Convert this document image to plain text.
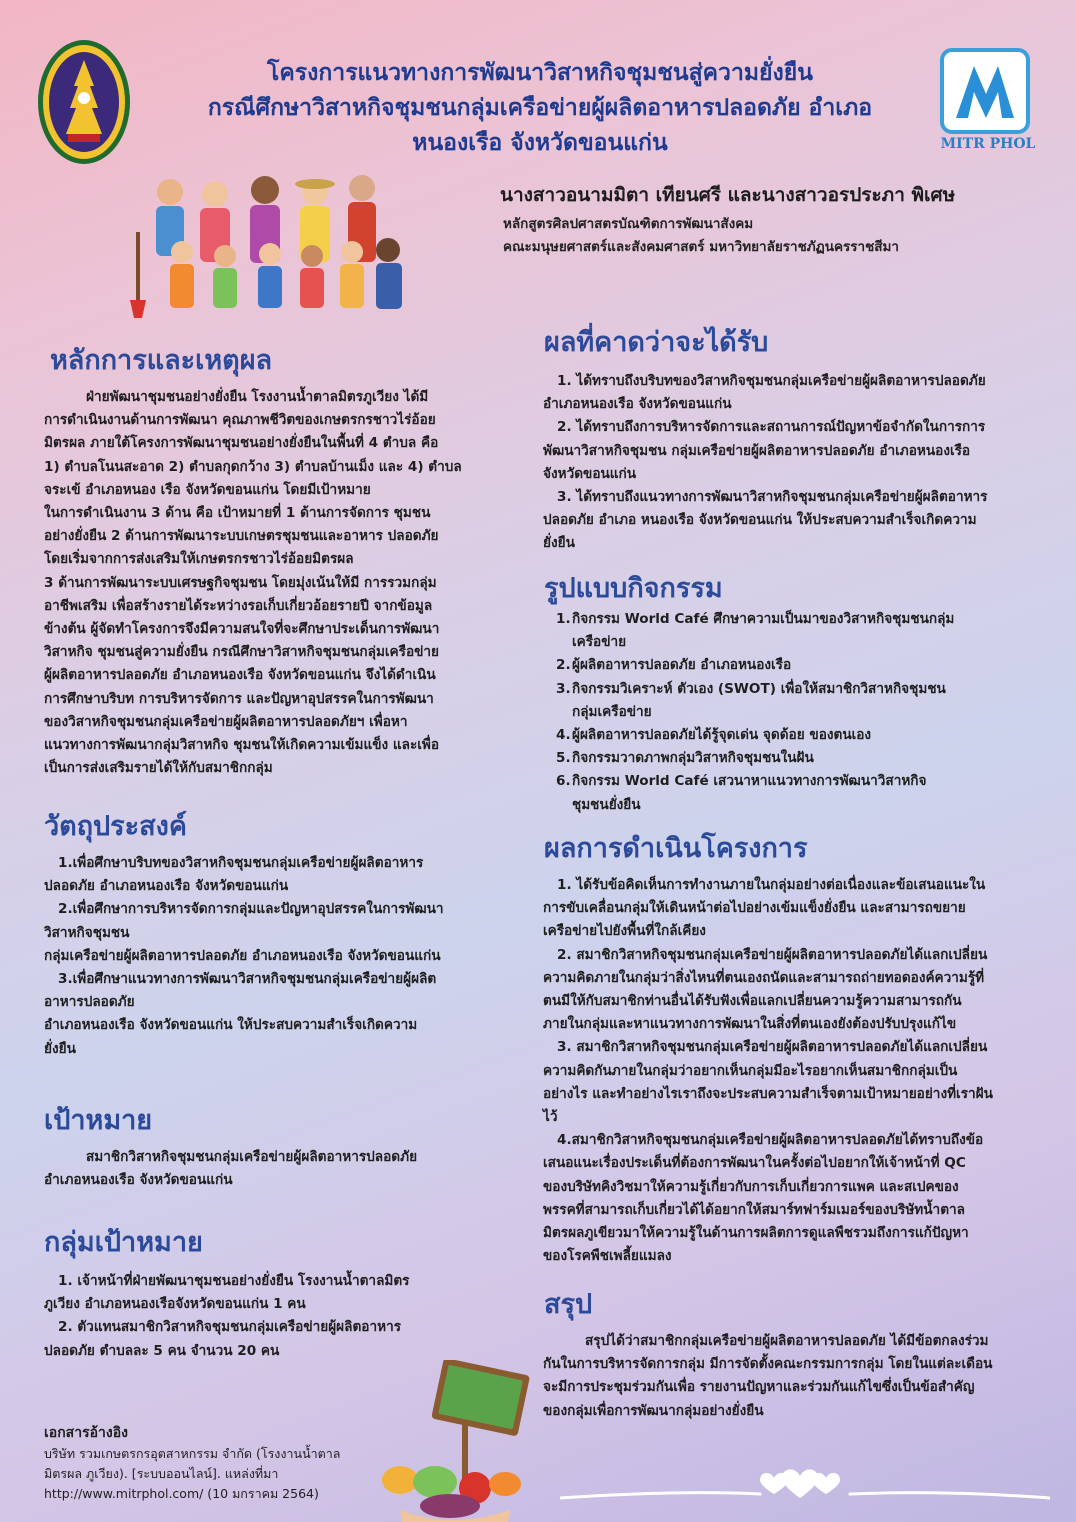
โครงการแนวทางการพัฒนาวิสาหกิจชุมชนสู่ความยั่งยืน
กรณีศึกษาวิสาหกิจชุมชนกลุ่มเครือข่ายผู้ผลิตอาหารปลอดภัย อำเภอ
หนองเรือ จังหวัดขอนแก่น	MITR PHOL
นางสาวอนามมิตา เทียนศรี และนางสาวอรประภา พิเศษ
หลักสูตรศิลปศาสตรบัณฑิตการพัฒนาสังคม
คณะมนุษยศาสตร์และสังคมศาสตร์ มหาวิทยาลัยราชภัฏนครราชสีมา
หลักการและเหตุผล
ฝ่ายพัฒนาชุมชนอย่างยั่งยืน โรงงานน้ำตาลมิตรภูเวียง ได้มี
การดำเนินงานด้านการพัฒนา คุณภาพชีวิตของเกษตรกรชาวไร่อ้อย
มิตรผล ภายใต้โครงการพัฒนาชุมชนอย่างยั่งยืนในพื้นที่ 4 ตำบล คือ
1) ตำบลโนนสะอาด 2) ตำบลกุดกว้าง 3) ตำบลบ้านเม็ง และ 4) ตำบล
จระเข้ อำเภอหนอง เรือ จังหวัดขอนแก่น โดยมีเป้าหมาย
ในการดำเนินงาน 3 ด้าน คือ เป้าหมายที่ 1 ด้านการจัดการ ชุมชน
อย่างยั่งยืน 2 ด้านการพัฒนาระบบเกษตรชุมชนและอาหาร ปลอดภัย
โดยเริ่มจากการส่งเสริมให้เกษตรกรชาวไร่อ้อยมิตรผล
3 ด้านการพัฒนาระบบเศรษฐกิจชุมชน โดยมุ่งเน้นให้มี การรวมกลุ่ม
อาชีพเสริม เพื่อสร้างรายได้ระหว่างรอเก็บเกี่ยวอ้อยรายปี จากข้อมูล
ข้างต้น ผู้จัดทำโครงการจึงมีความสนใจที่จะศึกษาประเด็นการพัฒนา
วิสาหกิจ ชุมชนสู่ความยั่งยืน กรณีศึกษาวิสาหกิจชุมชนกลุ่มเครือข่าย
ผู้ผลิตอาหารปลอดภัย อำเภอหนองเรือ จังหวัดขอนแก่น จึงได้ดำเนิน
การศึกษาบริบท การบริหารจัดการ และปัญหาอุปสรรคในการพัฒนา
ของวิสาหกิจชุมชนกลุ่มเครือข่ายผู้ผลิตอาหารปลอดภัยฯ เพื่อหา
แนวทางการพัฒนากลุ่มวิสาหกิจ ชุมชนให้เกิดความเข้มแข็ง และเพื่อ
เป็นการส่งเสริมรายได้ให้กับสมาชิกกลุ่ม
วัตถุประสงค์
1.เพื่อศึกษาบริบทของวิสาหกิจชุมชนกลุ่มเครือข่ายผู้ผลิตอาหาร
ปลอดภัย อำเภอหนองเรือ จังหวัดขอนแก่น
2.เพื่อศึกษาการบริหารจัดการกลุ่มและปัญหาอุปสรรคในการพัฒนา
วิสาหกิจชุมชน
กลุ่มเครือข่ายผู้ผลิตอาหารปลอดภัย อำเภอหนองเรือ จังหวัดขอนแก่น
3.เพื่อศึกษาแนวทางการพัฒนาวิสาหกิจชุมชนกลุ่มเครือข่ายผู้ผลิต
อาหารปลอดภัย
อำเภอหนองเรือ จังหวัดขอนแก่น ให้ประสบความสำเร็จเกิดความ
ยั่งยืน
เป้าหมาย
สมาชิกวิสาหกิจชุมชนกลุ่มเครือข่ายผู้ผลิตอาหารปลอดภัย
อำเภอหนองเรือ จังหวัดขอนแก่น
กลุ่มเป้าหมาย
1. เจ้าหน้าที่ฝ่ายพัฒนาชุมชนอย่างยั่งยืน โรงงานน้ำตาลมิตร
ภูเวียง อำเภอหนองเรือจังหวัดขอนแก่น 1 คน
2. ตัวแทนสมาชิกวิสาหกิจชุมชนกลุ่มเครือข่ายผู้ผลิตอาหาร
ปลอดภัย ตำบลละ 5 คน จำนวน 20 คน
เอกสารอ้างอิง
บริษัท รวมเกษตรกรอุตสาหกรรม จำกัด (โรงงานน้ำตาล
มิตรผล ภูเวียง). [ระบบออนไลน์]. แหล่งที่มา
http://www.mitrphol.com/ (10 มกราคม 2564)
ผลที่คาดว่าจะได้รับ
1. ได้ทราบถึงบริบทของวิสาหกิจชุมชนกลุ่มเครือข่ายผู้ผลิตอาหารปลอดภัย
อำเภอหนองเรือ จังหวัดขอนแก่น
2. ได้ทราบถึงการบริหารจัดการและสถานการณ์ปัญหาข้อจำกัดในการการ
พัฒนาวิสาหกิจชุมชน กลุ่มเครือข่ายผู้ผลิตอาหารปลอดภัย อำเภอหนองเรือ
จังหวัดขอนแก่น
3. ได้ทราบถึงแนวทางการพัฒนาวิสาหกิจชุมชนกลุ่มเครือข่ายผู้ผลิตอาหาร
ปลอดภัย อำเภอ หนองเรือ จังหวัดขอนแก่น ให้ประสบความสำเร็จเกิดความ
ยั่งยืน
รูปแบบกิจกรรม
1. กิจกรรม World Café ศึกษาความเป็นมาของวิสาหกิจชุมชนกลุ่ม
เครือข่าย
2. ผู้ผลิตอาหารปลอดภัย อำเภอหนองเรือ
3. กิจกรรมวิเคราะห์ ตัวเอง (SWOT) เพื่อให้สมาชิกวิสาหกิจชุมชน
กลุ่มเครือข่าย
4. ผู้ผลิตอาหารปลอดภัยได้รู้จุดเด่น จุดด้อย ของตนเอง
5. กิจกรรมวาดภาพกลุ่มวิสาหกิจชุมชนในฝัน
6. กิจกรรม World Café เสวนาหาแนวทางการพัฒนาวิสาหกิจ
ชุมชนยั่งยืน
ผลการดำเนินโครงการ
1. ได้รับข้อคิดเห็นการทำงานภายในกลุ่มอย่างต่อเนื่องและข้อเสนอแนะใน
การขับเคลื่อนกลุ่มให้เดินหน้าต่อไปอย่างเข้มแข็งยั่งยืน และสามารถขยาย
เครือข่ายไปยังพื้นที่ใกล้เคียง
2. สมาชิกวิสาหกิจชุมชนกลุ่มเครือข่ายผู้ผลิตอาหารปลอดภัยได้แลกเปลี่ยน
ความคิดภายในกลุ่มว่าสิ่งไหนที่ตนเองถนัดและสามารถถ่ายทอดองค์ความรู้ที่
ตนมีให้กับสมาชิกท่านอื่นได้รับฟังเพื่อแลกเปลี่ยนความรู้ความสามารถกัน
ภายในกลุ่มและหาแนวทางการพัฒนาในสิ่งที่ตนเองยังต้องปรับปรุงแก้ไข
3. สมาชิกวิสาหกิจชุมชนกลุ่มเครือข่ายผู้ผลิตอาหารปลอดภัยได้แลกเปลี่ยน
ความคิดกันภายในกลุ่มว่าอยากเห็นกลุ่มมีอะไรอยากเห็นสมาชิกกลุ่มเป็น
อย่างไร และทำอย่างไรเราถึงจะประสบความสำเร็จตามเป้าหมายอย่างที่เราฝัน
ไว้
4.สมาชิกวิสาหกิจชุมชนกลุ่มเครือข่ายผู้ผลิตอาหารปลอดภัยได้ทราบถึงข้อ
เสนอแนะเรื่องประเด็นที่ต้องการพัฒนาในครั้งต่อไปอยากให้เจ้าหน้าที่ QC
ของบริษัทคิงวิชมาให้ความรู้เกี่ยวกับการเก็บเกี่ยวการแพค และสเปคของ
พรรคที่สามารถเก็บเกี่ยวได้ได้อยากให้สมาร์ทฟาร์มเมอร์ของบริษัทน้ำตาล
มิตรผลภูเขียวมาให้ความรู้ในด้านการผลิตการดูแลพืชรวมถึงการแก้ปัญหา
ของโรคพืชเพลี้ยแมลง
สรุป
สรุปได้ว่าสมาชิกกลุ่มเครือข่ายผู้ผลิตอาหารปลอดภัย ได้มีข้อตกลงร่วม
กันในการบริหารจัดการกลุ่ม มีการจัดตั้งคณะกรรมการกลุ่ม โดยในแต่ละเดือน
จะมีการประชุมร่วมกันเพื่อ รายงานปัญหาและร่วมกันแก้ไขซึ่งเป็นข้อสำคัญ
ของกลุ่มเพื่อการพัฒนากลุ่มอย่างยั่งยืน
